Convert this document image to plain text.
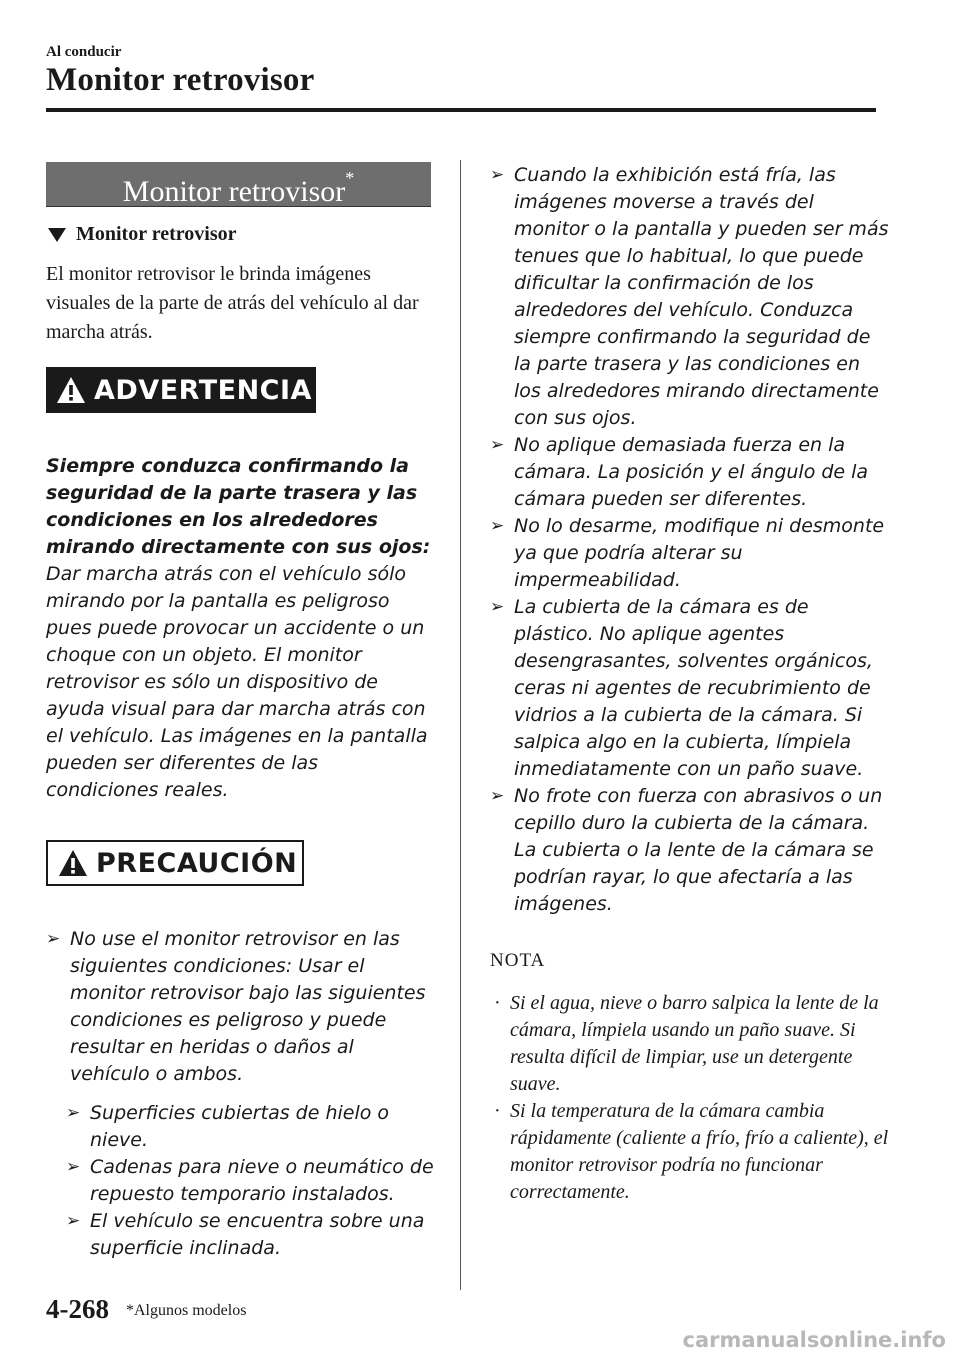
Al conducir
Monitor retrovisor
Monitor retrovisor*
Monitor retrovisor
El monitor retrovisor le brinda imágenes visuales de la parte de atrás del vehículo al dar marcha atrás.
ADVERTENCIA
Siempre conduzca confirmando la seguridad de la parte trasera y las condiciones en los alrededores mirando directamente con sus ojos:
Dar marcha atrás con el vehículo sólo mirando por la pantalla es peligroso pues puede provocar un accidente o un choque con un objeto. El monitor retrovisor es sólo un dispositivo de ayuda visual para dar marcha atrás con el vehículo. Las imágenes en la pantalla pueden ser diferentes de las condiciones reales.
PRECAUCIÓN
➢ No use el monitor retrovisor en las siguientes condiciones: Usar el monitor retrovisor bajo las siguientes condiciones es peligroso y puede resultar en heridas o daños al vehículo o ambos.
➢ Superficies cubiertas de hielo o nieve.
➢ Cadenas para nieve o neumático de repuesto temporario instalados.
➢ El vehículo se encuentra sobre una superficie inclinada.
➢ Cuando la exhibición está fría, las imágenes moverse a través del monitor o la pantalla y pueden ser más tenues que lo habitual, lo que puede dificultar la confirmación de los alrededores del vehículo. Conduzca siempre confirmando la seguridad de la parte trasera y las condiciones en los alrededores mirando directamente con sus ojos.
➢ No aplique demasiada fuerza en la cámara. La posición y el ángulo de la cámara pueden ser diferentes.
➢ No lo desarme, modifique ni desmonte ya que podría alterar su impermeabilidad.
➢ La cubierta de la cámara es de plástico. No aplique agentes desengrasantes, solventes orgánicos, ceras ni agentes de recubrimiento de vidrios a la cubierta de la cámara. Si salpica algo en la cubierta, límpiela inmediatamente con un paño suave.
➢ No frote con fuerza con abrasivos o un cepillo duro la cubierta de la cámara. La cubierta o la lente de la cámara se podrían rayar, lo que afectaría a las imágenes.
NOTA
· Si el agua, nieve o barro salpica la lente de la cámara, límpiela usando un paño suave. Si resulta difícil de limpiar, use un detergente suave.
· Si la temperatura de la cámara cambia rápidamente (caliente a frío, frío a caliente), el monitor retrovisor podría no funcionar correctamente.
4-268 *Algunos modelos
carmanualsonline.info
